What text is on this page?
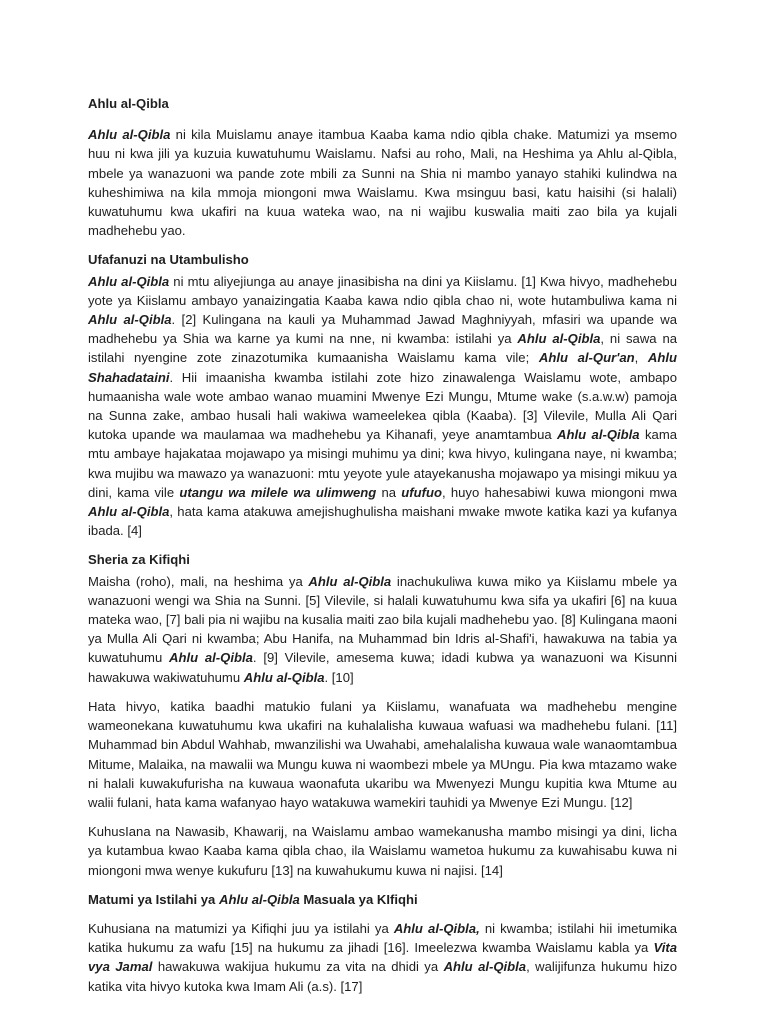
Ahlu al-Qibla

Ahlu al-Qibla ni kila Muislamu anaye itambua Kaaba kama ndio qibla chake. Matumizi ya msemo huu ni kwa jili ya kuzuia kuwatuhumu Waislamu. Nafsi au roho, Mali, na Heshima ya Ahlu al-Qibla, mbele ya wanazuoni wa pande zote mbili za Sunni na Shia ni mambo yanayo stahiki kulindwa na kuheshimiwa na kila mmoja miongoni mwa Waislamu. Kwa msinguu basi, katu haisihi (si halali) kuwatuhumu kwa ukafiri na kuua wateka wao, na ni wajibu kuswalia maiti zao bila ya kujali madhehebu yao.

Ufafanuzi na Utambulisho

Ahlu al-Qibla ni mtu aliyejiunga au anaye jinasibisha na dini ya Kiislamu. [1] Kwa hivyo, madhehebu yote ya Kiislamu ambayo yanaizingatia Kaaba kawa ndio qibla chao ni, wote hutambuliwa kama ni Ahlu al-Qibla. [2] Kulingana na kauli ya Muhammad Jawad Maghniyyah, mfasiri wa upande wa madhehebu ya Shia wa karne ya kumi na nne, ni kwamba: istilahi ya Ahlu al-Qibla, ni sawa na istilahi nyengine zote zinazotumika kumaanisha Waislamu kama vile; Ahlu al-Qur'an, Ahlu Shahadataini. Hii imaanisha kwamba istilahi zote hizo zinawalenga Waislamu wote, ambapo humaanisha wale wote ambao wanao muamini Mwenye Ezi Mungu, Mtume wake (s.a.w.w) pamoja na Sunna zake, ambao husali hali wakiwa wameelekea qibla (Kaaba). [3] Vilevile, Mulla Ali Qari kutoka upande wa maulamaa wa madhehebu ya Kihanafi, yeye anamtambua Ahlu al-Qibla kama mtu ambaye hajakataa mojawapo ya misingi muhimu ya dini; kwa hivyo, kulingana naye, ni kwamba; kwa mujibu wa mawazo ya wanazuoni: mtu yeyote yule atayekanusha mojawapo ya misingi mikuu ya dini, kama vile utangu wa milele wa ulimweng na ufufuo, huyo hahesabiwi kuwa miongoni mwa Ahlu al-Qibla, hata kama atakuwa amejishughulisha maishani mwake mwote katika kazi ya kufanya ibada. [4]

Sheria za Kifiqhi

Maisha (roho), mali, na heshima ya Ahlu al-Qibla inachukuliwa kuwa miko ya Kiislamu mbele ya wanazuoni wengi wa Shia na Sunni. [5] Vilevile, si halali kuwatuhumu kwa sifa ya ukafiri [6] na kuua mateka wao, [7] bali pia ni wajibu na kusalia maiti zao bila kujali madhehebu yao. [8] Kulingana maoni ya Mulla Ali Qari ni kwamba; Abu Hanifa, na Muhammad bin Idris al-Shafi'i, hawakuwa na tabia ya kuwatuhumu Ahlu al-Qibla. [9] Vilevile, amesema kuwa; idadi kubwa ya wanazuoni wa Kisunni hawakuwa wakiwatuhumu Ahlu al-Qibla. [10]

Hata hivyo, katika baadhi matukio fulani ya Kiislamu, wanafuata wa madhehebu mengine wameonekana kuwatuhumu kwa ukafiri na kuhalalisha kuwaua wafuasi wa madhehebu fulani. [11] Muhammad bin Abdul Wahhab, mwanzilishi wa Uwahabi, amehalalisha kuwaua wale wanaomtambua Mitume, Malaika, na mawalii wa Mungu kuwa ni waombezi mbele ya MUngu. Pia kwa mtazamo wake ni halali kuwakufurisha na kuwaua waonafuta ukaribu wa Mwenyezi Mungu kupitia kwa Mtume au walii fulani, hata kama wafanyao hayo watakuwa wamekiri tauhidi ya Mwenye Ezi Mungu. [12]

KuhusIana na Nawasib, Khawarij, na Waislamu ambao wamekanusha mambo misingi ya dini, licha ya kutambua kwao Kaaba kama qibla chao, ila Waislamu wametoa hukumu za kuwahisabu kuwa ni miongoni mwa wenye kukufuru [13] na kuwahukumu kuwa ni najisi. [14]

Matumi ya Istilahi ya Ahlu al-Qibla Masuala ya KIfiqhi

Kuhusiana na matumizi ya Kifiqhi juu ya istilahi ya Ahlu al-Qibla, ni kwamba; istilahi hii imetumika katika hukumu za wafu [15] na hukumu za jihadi [16]. Imeelezwa kwamba Waislamu kabla ya Vita vya Jamal hawakuwa wakijua hukumu za vita na dhidi ya Ahlu al-Qibla, walijifunza hukumu hizo katika vita hivyo kutoka kwa Imam Ali (a.s). [17]
